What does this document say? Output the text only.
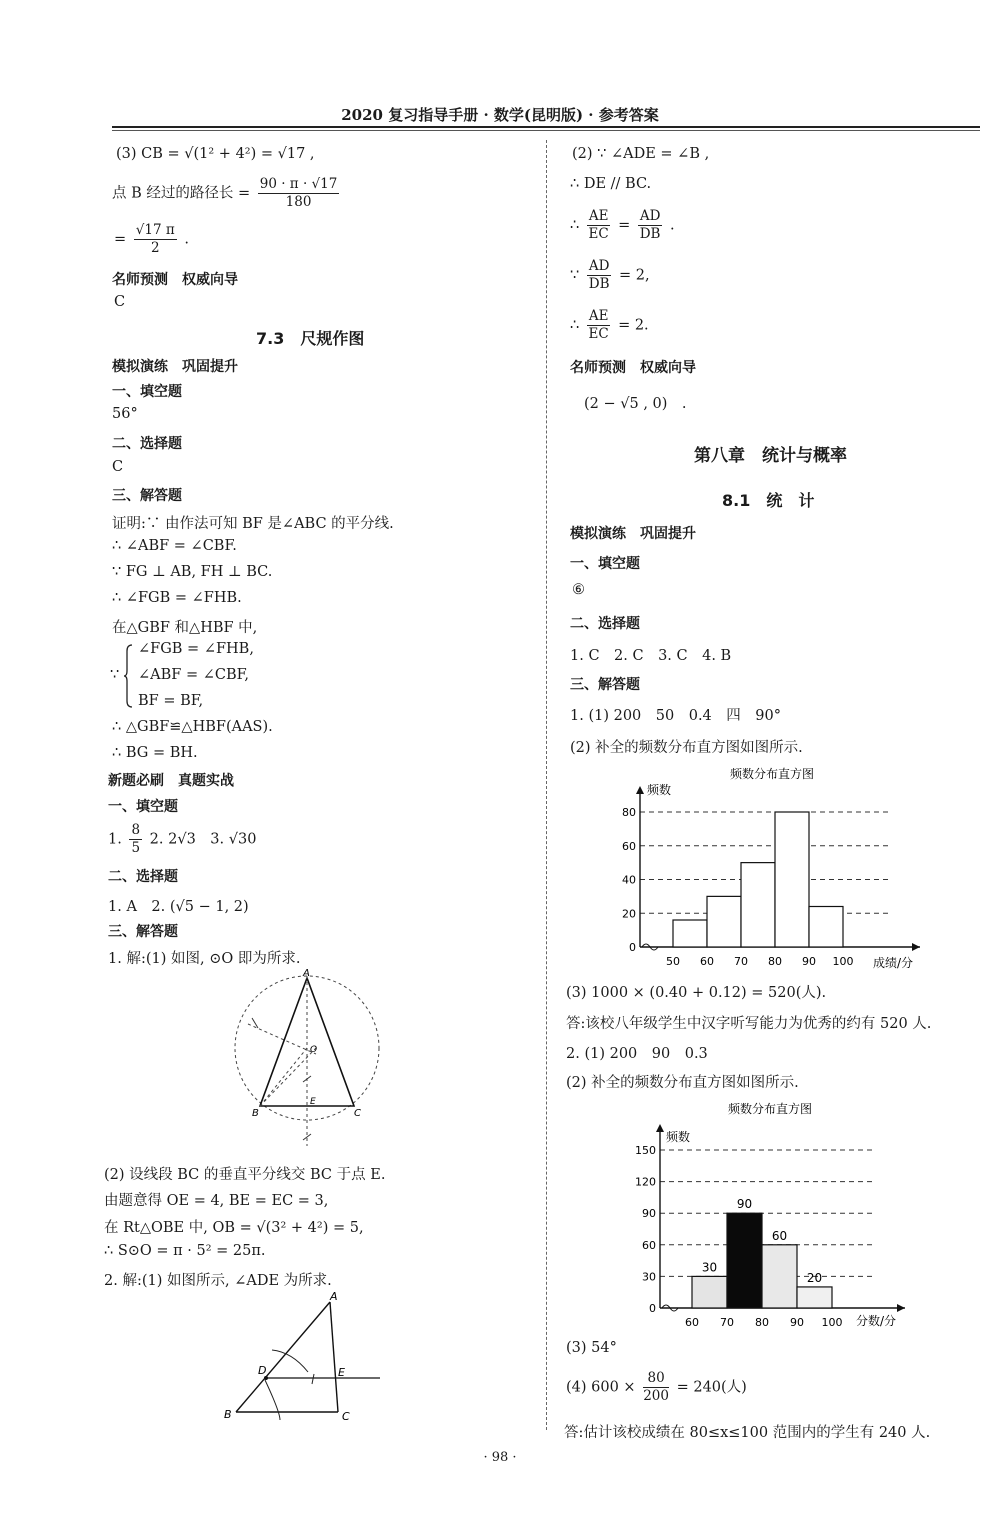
2020 复习指导手册 · 数学(昆明版) · 参考答案
(3) CB = √(1² + 4²) = √17 ,
点 B 经过的路径长 = $\frac{90 \cdot \pi \cdot √17}{180}$
= $\frac{√17 \pi}{2}$ .
名师预测　权威向导
C
7.3　尺规作图
模拟演练　巩固提升
一、填空题
56°
二、选择题
C
三、解答题
证明:∵ 由作法可知 BF 是∠ABC 的平分线.
∴ ∠ABF = ∠CBF.
∵ FG ⊥ AB, FH ⊥ BC.
∴ ∠FGB = ∠FHB.
在△GBF 和△HBF 中,
∵
∠FGB = ∠FHB,
∠ABF = ∠CBF,
BF = BF,
∴ △GBF≌△HBF(AAS).
∴ BG = BH.
新题必刷　真题实战
一、填空题
1. $\frac{8}{5} 2$. 2√3　3. √30
二、选择题
1. A　2. (√5 − 1, 2)
三、解答题
1. 解:(1) 如图, ⊙O 即为所求.
A
B	C
O
E
(2) 设线段 BC 的垂直平分线交 BC 于点 E.
由题意得 OE = 4, BE = EC = 3,
在 Rt△OBE 中, OB = √(3² + 4²) = 5,
∴ S⊙O = π · 5² = 25π.
2. 解:(1) 如图所示, ∠ADE 为所求.
A
B	C
D	E
(2) ∵ ∠ADE = ∠B ,
∴ DE // BC.
∴ $\frac{AE}{EC} = \frac{AD}{DB}$ .
∵ $\frac{AD}{DB} = 2$,
∴ $\frac{AE}{EC} = 2$.
名师预测　权威向导
(2 − √5 , 0)　.
第八章　统计与概率
8.1　统　计
模拟演练　巩固提升
一、填空题
⑥
二、选择题
1. C　2. C　3. C　4. B
三、解答题
1. (1) 200　50　0.4　四　90°
(2) 补全的频数分布直方图如图所示.
频数分布直方图
频数
成绩/分
0
20
40
60
80
50 60 70 80 90 100
(3) 1000 × (0.40 + 0.12) = 520(人).
答:该校八年级学生中汉字听写能力为优秀的约有 520 人.
2. (1) 200　90　0.3
(2) 补全的频数分布直方图如图所示.
频数分布直方图
频数
分数/分
0
30
60
90
120
150
30
90
60
20
60 70 80 90 100
(3) 54°
(4) $600 \times \frac{80}{200} = 240$(人)
答:估计该校成绩在 80≤x≤100 范围内的学生有 240 人.
· 98 ·
